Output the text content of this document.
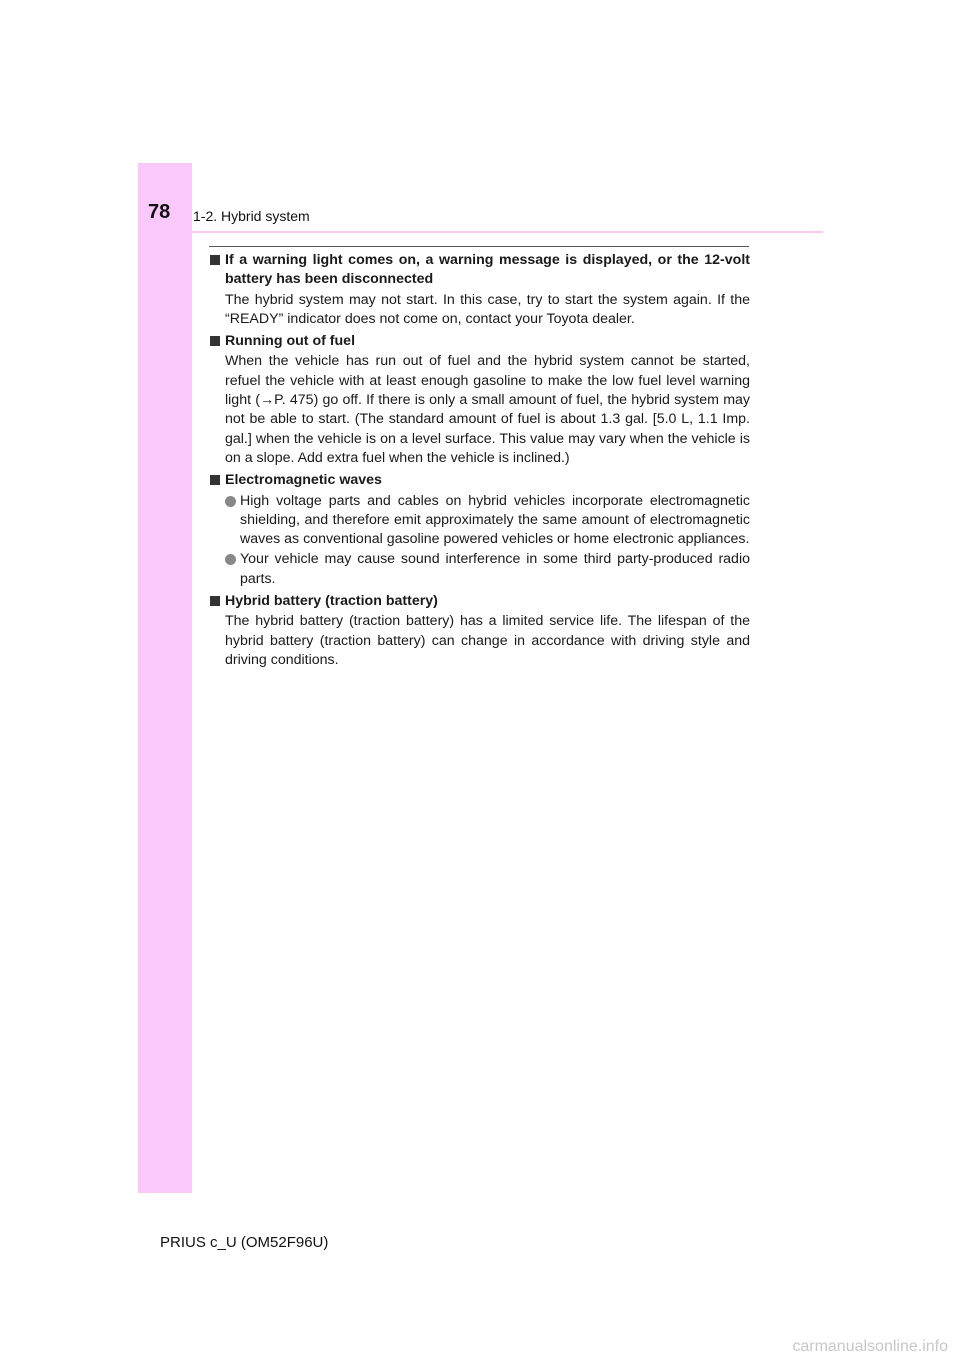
78 1-2. Hybrid system
If a warning light comes on, a warning message is displayed, or the 12-volt battery has been disconnected
The hybrid system may not start. In this case, try to start the system again. If the “READY” indicator does not come on, contact your Toyota dealer.
Running out of fuel
When the vehicle has run out of fuel and the hybrid system cannot be started, refuel the vehicle with at least enough gasoline to make the low fuel level warning light (→P. 475) go off. If there is only a small amount of fuel, the hybrid system may not be able to start. (The standard amount of fuel is about 1.3 gal. [5.0 L, 1.1 Imp. gal.] when the vehicle is on a level surface. This value may vary when the vehicle is on a slope. Add extra fuel when the vehicle is inclined.)
Electromagnetic waves
High voltage parts and cables on hybrid vehicles incorporate electromagnetic shielding, and therefore emit approximately the same amount of electromagnetic waves as conventional gasoline powered vehicles or home electronic appliances.
Your vehicle may cause sound interference in some third party-produced radio parts.
Hybrid battery (traction battery)
The hybrid battery (traction battery) has a limited service life. The lifespan of the hybrid battery (traction battery) can change in accordance with driving style and driving conditions.
PRIUS c_U (OM52F96U)
carmanualsonline.info
